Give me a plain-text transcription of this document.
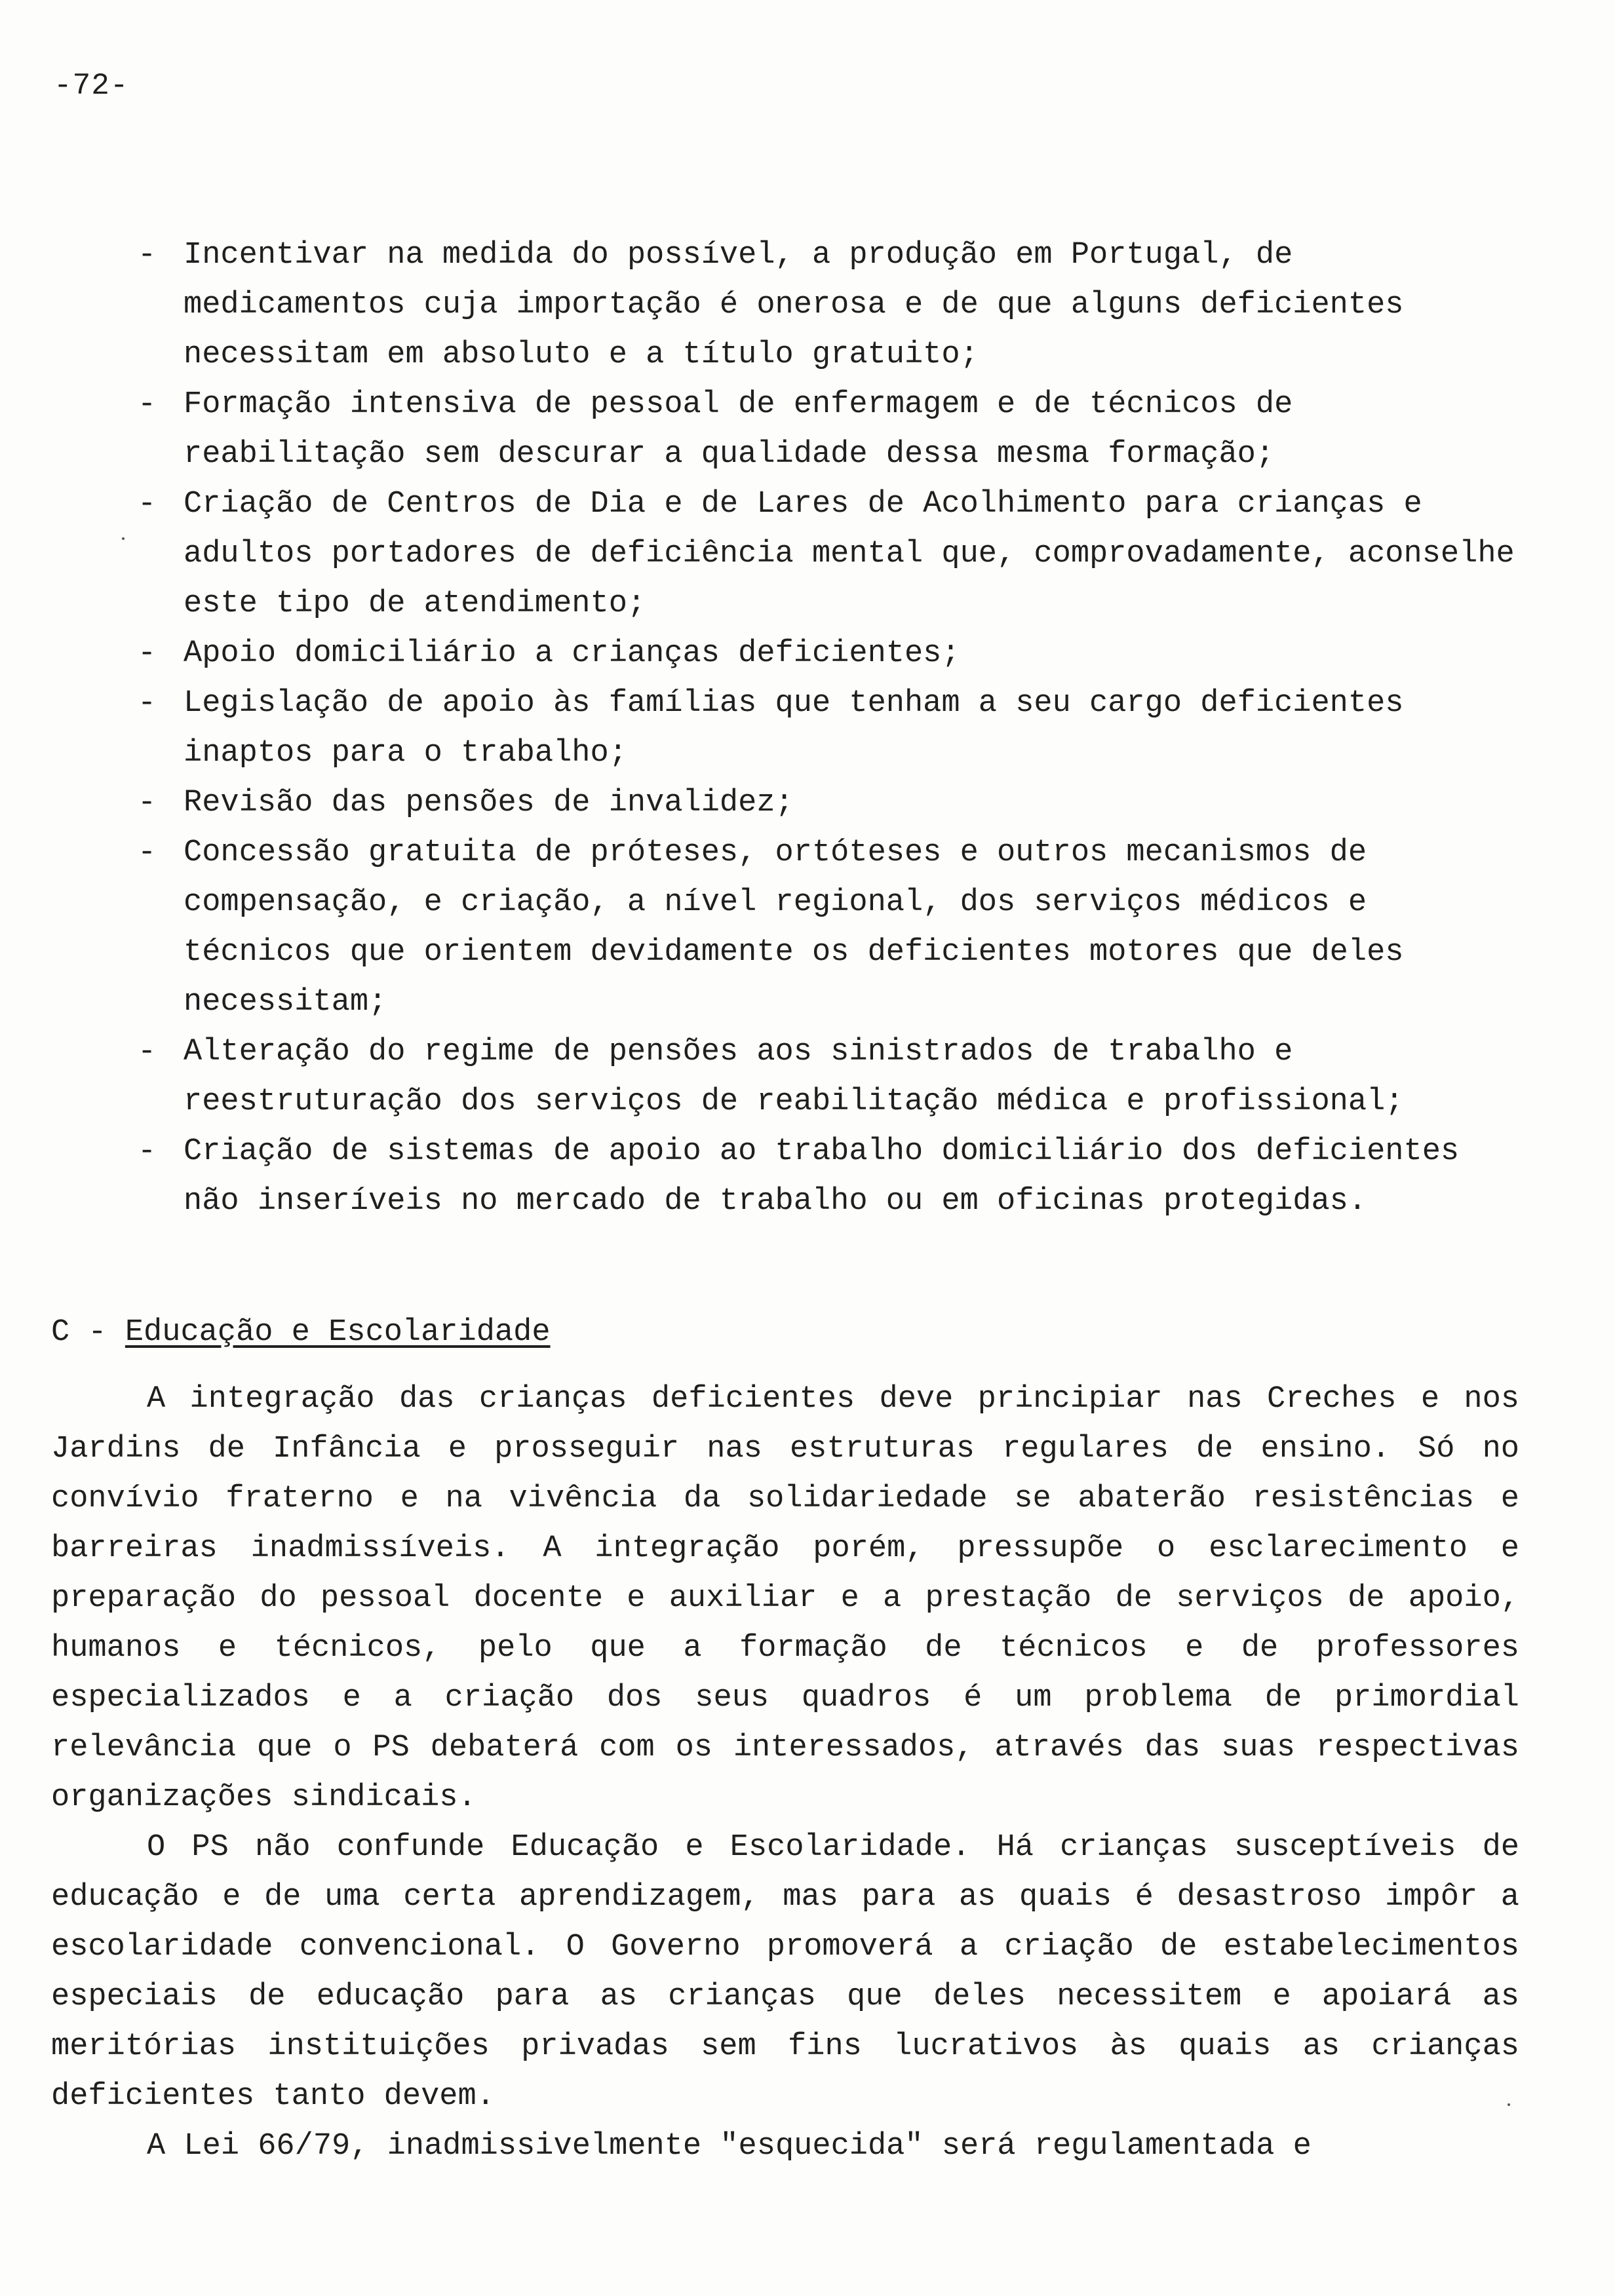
-72-
- Incentivar na medida do possível, a produção em Portugal, de medicamentos cuja importação é onerosa e de que alguns deficientes necessitam em absoluto e a título gratuito;
- Formação intensiva de pessoal de enfermagem e de técnicos de reabilitação sem descurar a qualidade dessa mesma formação;
- Criação de Centros de Dia e de Lares de Acolhimento para crianças e adultos portadores de deficiência mental que, comprovadamente, aconselhe este tipo de atendimento;
- Apoio domiciliário a crianças deficientes;
- Legislação de apoio às famílias que tenham a seu cargo deficientes inaptos para o trabalho;
- Revisão das pensões de invalidez;
- Concessão gratuita de próteses, ortóteses e outros mecanismos de compensação, e criação, a nível regional, dos serviços médicos e técnicos que orientem devidamente os deficientes motores que deles necessitam;
- Alteração do regime de pensões aos sinistrados de trabalho e reestruturação dos serviços de reabilitação médica e profissional;
- Criação de sistemas de apoio ao trabalho domiciliário dos deficientes não inseríveis no mercado de trabalho ou em oficinas protegidas.
C - Educação e Escolaridade

A integração das crianças deficientes deve principiar nas Creches e nos Jardins de Infância e prosseguir nas estruturas regulares de ensino. Só no convívio fraterno e na vivência da solidariedade se abaterão resistências e barreiras inadmissíveis. A integração porém, pressupõe o esclarecimento e preparação do pessoal docente e auxiliar e a prestação de serviços de apoio, humanos e técnicos, pelo que a formação de técnicos e de professores especializados e a criação dos seus quadros é um problema de primordial relevância que o PS debaterá com os interessados, através das suas respectivas organizações sindicais.

O PS não confunde Educação e Escolaridade. Há crianças susceptíveis de educação e de uma certa aprendizagem, mas para as quais é desastroso impôr a escolaridade convencional. O Governo promoverá a criação de estabelecimentos especiais de educação para as crianças que deles necessitem e apoiará as meritórias instituições privadas sem fins lucrativos às quais as crianças deficientes tanto devem.

A Lei 66/79, inadmissivelmente "esquecida" será regulamentada e
